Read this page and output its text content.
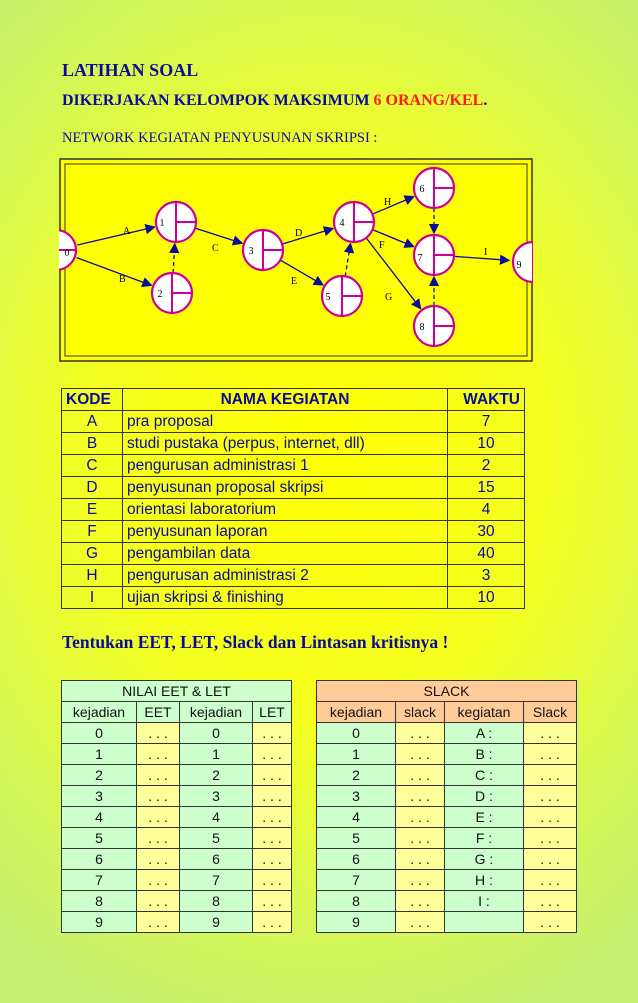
LATIHAN SOAL
DIKERJAKAN KELOMPOK MAKSIMUM 6 ORANG/KEL.
NETWORK KEGIATAN PENYUSUNAN SKRIPSI :
0
1
2
3
4
5
6
7
8
9
A
B
C
D
E
F
G
H
I
KODE	NAMA KEGIATAN	WAKTU
A	pra proposal	7
B	studi pustaka (perpus, internet, dll)	10
C	pengurusan administrasi 1	2
D	penyusunan proposal skripsi	15
E	orientasi laboratorium	4
F	penyusunan laporan	30
G	pengambilan data	40
H	pengurusan administrasi 2	3
I	ujian skripsi & finishing	10
Tentukan EET, LET, Slack dan Lintasan kritisnya !
NILAI EET & LET					SLACK			
kejadian	EET	kejadian	LET		kejadian	slack	kegiatan	Slack
0	. . .	0	. . .		0	. . .	A :	. . .
1	. . .	1	. . .		1	. . .	B :	. . .
2	. . .	2	. . .		2	. . .	C :	. . .
3	. . .	3	. . .		3	. . .	D :	. . .
4	. . .	4	. . .		4	. . .	E :	. . .
5	. . .	5	. . .		5	. . .	F :	. . .
6	. . .	6	. . .		6	. . .	G :	. . .
7	. . .	7	. . .		7	. . .	H :	. . .
8	. . .	8	. . .		8	. . .	I :	. . .
9	. . .	9	. . .		9	. . .		. . .
